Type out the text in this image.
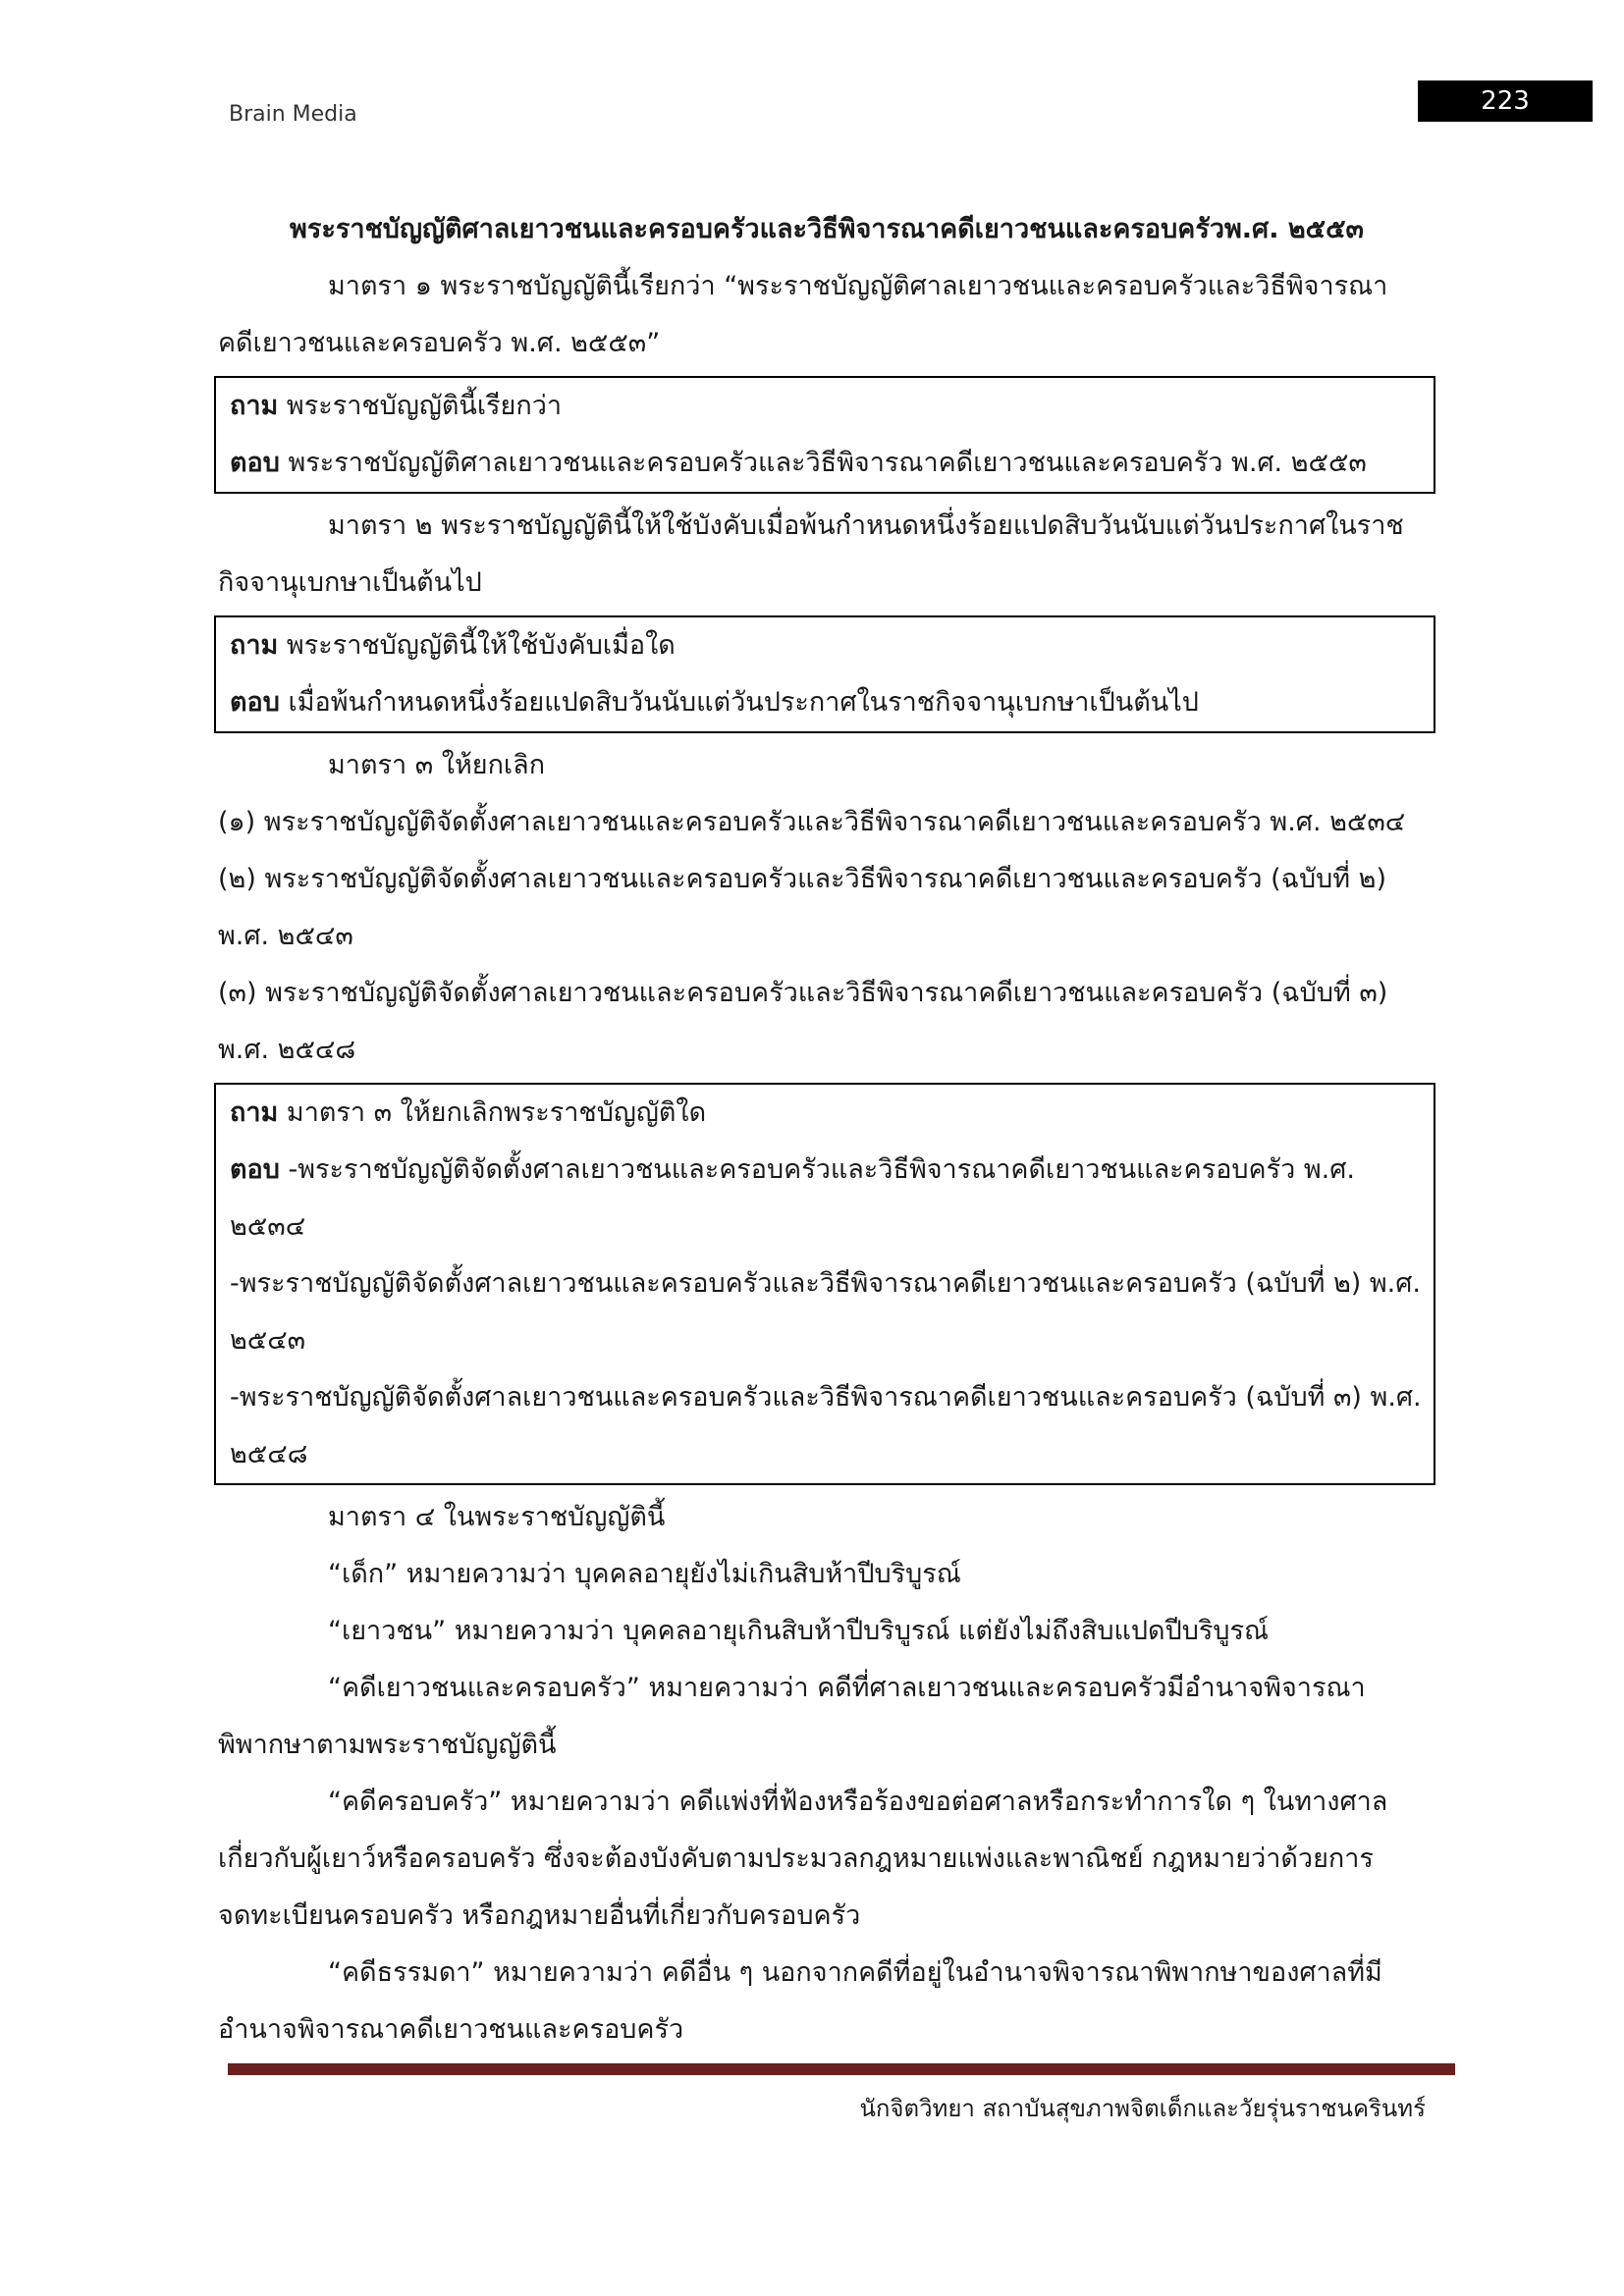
Brain Media	223

พระราชบัญญัติศาลเยาวชนและครอบครัวและวิธีพิจารณาคดีเยาวชนและครอบครัวพ.ศ. ๒๕๕๓

มาตรา ๑ พระราชบัญญัตินี้เรียกว่า “พระราชบัญญัติศาลเยาวชนและครอบครัวและวิธีพิจารณา

คดีเยาวชนและครอบครัว พ.ศ. ๒๕๕๓”

ถาม พระราชบัญญัตินี้เรียกว่า

ตอบ พระราชบัญญัติศาลเยาวชนและครอบครัวและวิธีพิจารณาคดีเยาวชนและครอบครัว พ.ศ. ๒๕๕๓

มาตรา ๒ พระราชบัญญัตินี้ให้ใช้บังคับเมื่อพ้นกำหนดหนึ่งร้อยแปดสิบวันนับแต่วันประกาศในราช

กิจจานุเบกษาเป็นต้นไป

ถาม พระราชบัญญัตินี้ให้ใช้บังคับเมื่อใด

ตอบ เมื่อพ้นกำหนดหนึ่งร้อยแปดสิบวันนับแต่วันประกาศในราชกิจจานุเบกษาเป็นต้นไป

มาตรา ๓ ให้ยกเลิก

(๑) พระราชบัญญัติจัดตั้งศาลเยาวชนและครอบครัวและวิธีพิจารณาคดีเยาวชนและครอบครัว พ.ศ. ๒๕๓๔

(๒) พระราชบัญญัติจัดตั้งศาลเยาวชนและครอบครัวและวิธีพิจารณาคดีเยาวชนและครอบครัว (ฉบับที่ ๒)

พ.ศ. ๒๕๔๓

(๓) พระราชบัญญัติจัดตั้งศาลเยาวชนและครอบครัวและวิธีพิจารณาคดีเยาวชนและครอบครัว (ฉบับที่ ๓)

พ.ศ. ๒๕๔๘

ถาม มาตรา ๓ ให้ยกเลิกพระราชบัญญัติใด

ตอบ -พระราชบัญญัติจัดตั้งศาลเยาวชนและครอบครัวและวิธีพิจารณาคดีเยาวชนและครอบครัว พ.ศ.

๒๕๓๔

-พระราชบัญญัติจัดตั้งศาลเยาวชนและครอบครัวและวิธีพิจารณาคดีเยาวชนและครอบครัว (ฉบับที่ ๒) พ.ศ.

๒๕๔๓

-พระราชบัญญัติจัดตั้งศาลเยาวชนและครอบครัวและวิธีพิจารณาคดีเยาวชนและครอบครัว (ฉบับที่ ๓) พ.ศ.

๒๕๔๘

มาตรา ๔ ในพระราชบัญญัตินี้

“เด็ก” หมายความว่า บุคคลอายุยังไม่เกินสิบห้าปีบริบูรณ์

“เยาวชน” หมายความว่า บุคคลอายุเกินสิบห้าปีบริบูรณ์ แต่ยังไม่ถึงสิบแปดปีบริบูรณ์

“คดีเยาวชนและครอบครัว” หมายความว่า คดีที่ศาลเยาวชนและครอบครัวมีอำนาจพิจารณา

พิพากษาตามพระราชบัญญัตินี้

“คดีครอบครัว” หมายความว่า คดีแพ่งที่ฟ้องหรือร้องขอต่อศาลหรือกระทำการใด ๆ ในทางศาล

เกี่ยวกับผู้เยาว์หรือครอบครัว ซึ่งจะต้องบังคับตามประมวลกฎหมายแพ่งและพาณิชย์ กฎหมายว่าด้วยการ

จดทะเบียนครอบครัว หรือกฎหมายอื่นที่เกี่ยวกับครอบครัว

“คดีธรรมดา” หมายความว่า คดีอื่น ๆ นอกจากคดีที่อยู่ในอำนาจพิจารณาพิพากษาของศาลที่มี

อำนาจพิจารณาคดีเยาวชนและครอบครัว

นักจิตวิทยา สถาบันสุขภาพจิตเด็กและวัยรุ่นราชนครินทร์
